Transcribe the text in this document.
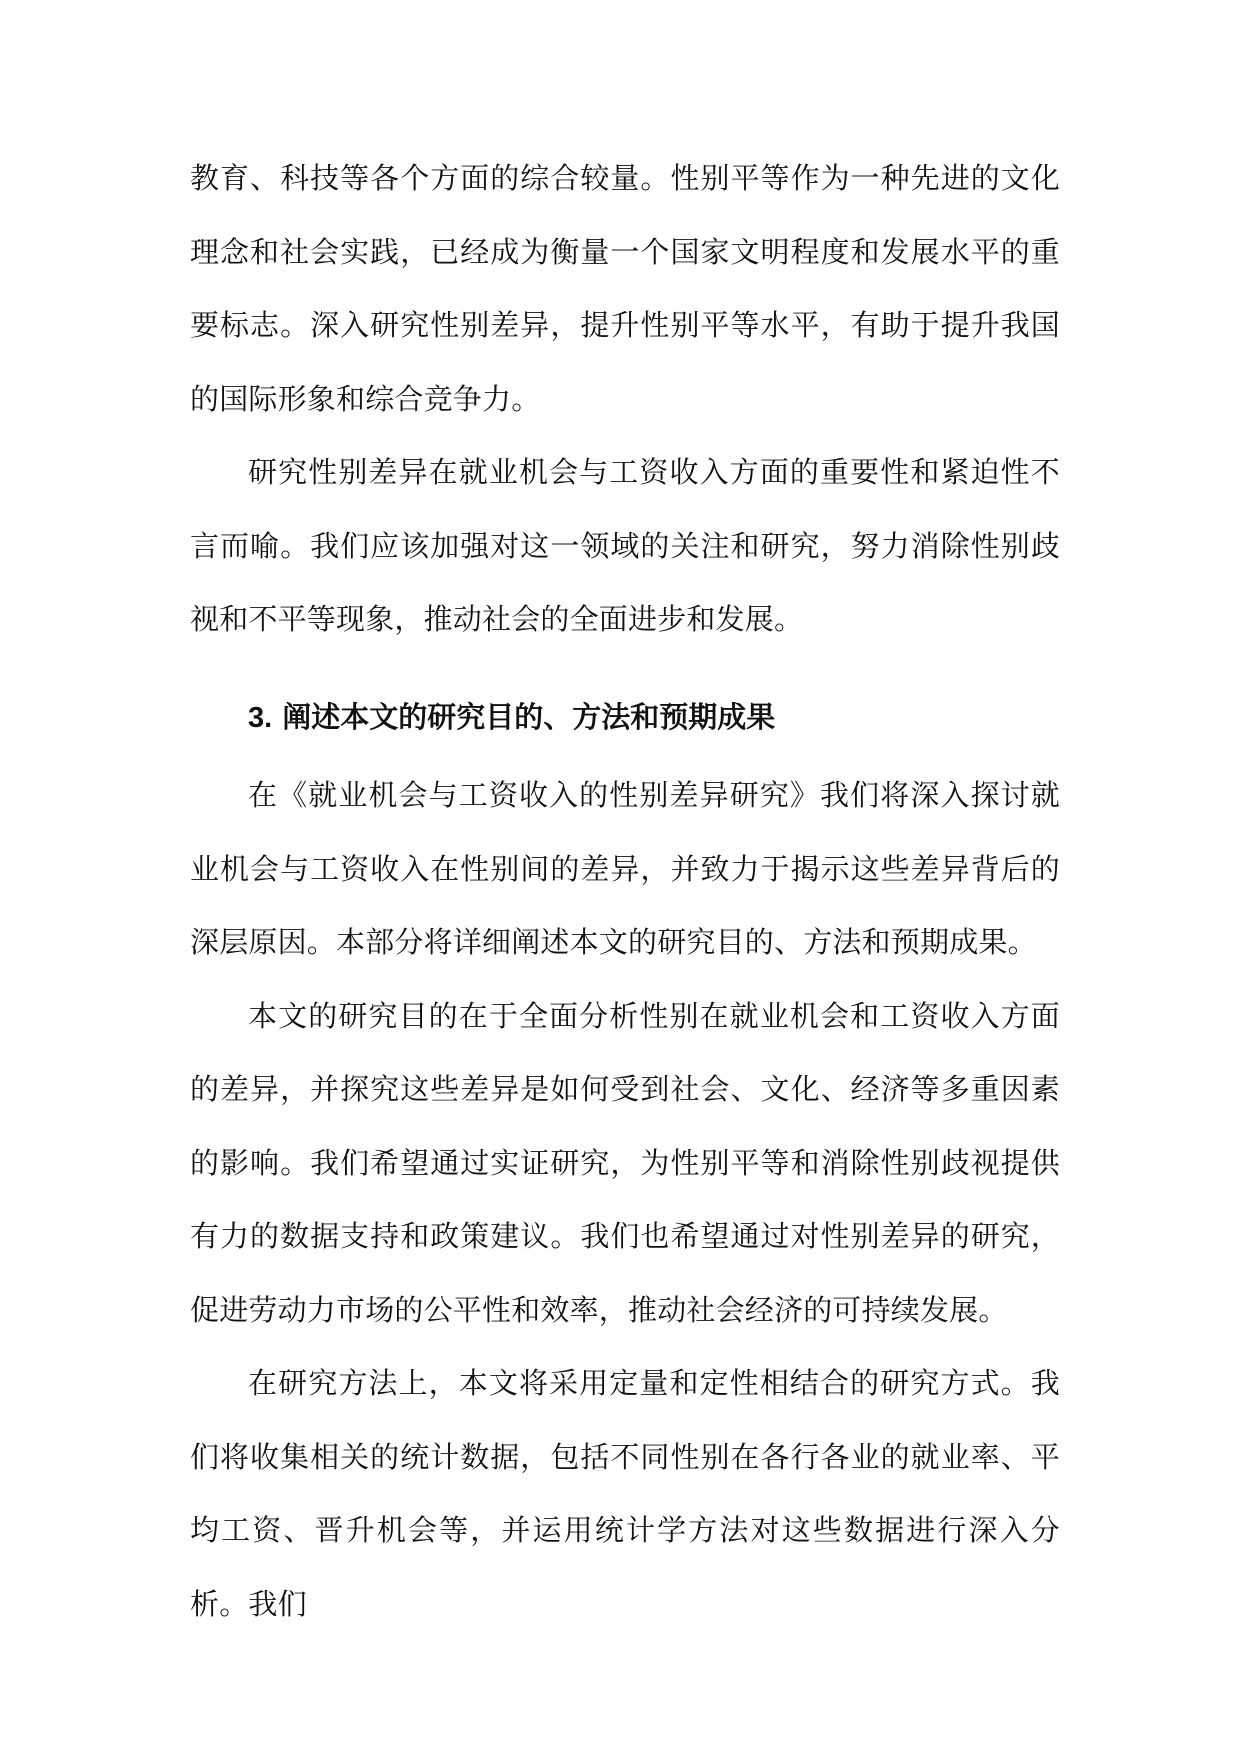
教育、科技等各个方面的综合较量。性别平等作为一种先进的文化理念和社会实践，已经成为衡量一个国家文明程度和发展水平的重要标志。深入研究性别差异，提升性别平等水平，有助于提升我国的国际形象和综合竞争力。

研究性别差异在就业机会与工资收入方面的重要性和紧迫性不言而喻。我们应该加强对这一领域的关注和研究，努力消除性别歧视和不平等现象，推动社会的全面进步和发展。

3. 阐述本文的研究目的、方法和预期成果

在《就业机会与工资收入的性别差异研究》我们将深入探讨就业机会与工资收入在性别间的差异，并致力于揭示这些差异背后的深层原因。本部分将详细阐述本文的研究目的、方法和预期成果。

本文的研究目的在于全面分析性别在就业机会和工资收入方面的差异，并探究这些差异是如何受到社会、文化、经济等多重因素的影响。我们希望通过实证研究，为性别平等和消除性别歧视提供有力的数据支持和政策建议。我们也希望通过对性别差异的研究，促进劳动力市场的公平性和效率，推动社会经济的可持续发展。

在研究方法上，本文将采用定量和定性相结合的研究方式。我们将收集相关的统计数据，包括不同性别在各行各业的就业率、平均工资、晋升机会等，并运用统计学方法对这些数据进行深入分析。我们
